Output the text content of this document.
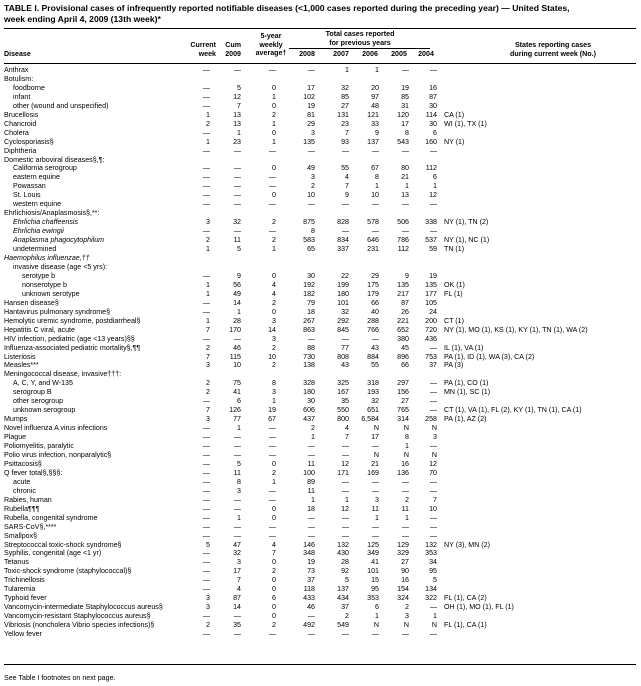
TABLE I. Provisional cases of infrequently reported notifiable diseases (<1,000 cases reported during the preceding year) — United States,
week ending April 4, 2009 (13th week)*
Total cases reported
for previous years
5-year
weekly
average†
Current
week
Cum
2009
Disease	2008	2007 2006 2005 2004
States reporting cases
during current week (No.)
Anthrax	—	—	—	—	1	1	—	—
Botulism:
foodborne	—	5	0	17	32	20	19	16
infant	—	12	1	102	85	97	85	87
other (wound and unspecified)	—	7	0	19	27	48	31	30
Brucellosis	1	13	2	81	131	121	120	114 CA (1)
Chancroid	2	13	1	29	23	33	17	30 WI (1), TX (1)
Cholera	—	1	0	3	7	9	8	6
Cyclosporiasis§	1	23	1	135	93	137	543	160 NY (1)
Diphtheria	—	—	—	—	—	—	—	—
Domestic arboviral diseases§,¶:
California serogroup	—	—	0	49	55	67	80	112
eastern equine	—	—	—	3	4	8	21	6
Powassan	—	—	—	2	7	1	1	1
St. Louis	—	—	0	10	9	10	13	12
western equine	—	—	—	—	—	—	—	—
Ehrlichiosis/Anaplasmosis§,**:
Ehrlichia chaffeensis	3	32	2	875	828	578	506	338 NY (1), TN (2)
Ehrlichia ewingii	—	—	—	8	—	—	—	—
Anaplasma phagocytophilum	2	11	2	583	834	646	786	537 NY (1), NC (1)
undetermined	1	5	1	65	337	231	112	59 TN (1)
Haemophilus influenzae,††
invasive disease (age <5 yrs):
serotype b	—	9	0	30	22	29	9	19
nonserotype b	1	56	4	192	199	175	135	135 OK (1)
unknown serotype	1	49	4	182	180	179	217	177 FL (1)
Hansen disease§	—	14	2	79	101	66	87	105
Hantavirus pulmonary syndrome§	—	1	0	18	32	40	26	24
Hemolytic uremic syndrome, postdiarrheal§	1	28	3	267	292	288	221	200 CT (1)
Hepatitis C viral, acute	7	170	14	863	845	766	652	720 NY (1), MO (1), KS (1), KY (1), TN (1), WA (2)
HIV infection, pediatric (age <13 years)§§	—	—	3	—	—	—	380	436
Influenza-associated pediatric mortality§,¶¶	2	46	2	88	77	43	45	— IL (1), VA (1)
Listeriosis	7	115	10	730	808	884	896	753 PA (1), ID (1), WA (3), CA (2)
Measles***	3	10	2	138	43	55	66	37 PA (3)
Meningococcal disease, invasive†††:
A, C, Y, and W-135	2	75	8	328	325	318	297	— PA (1), CO (1)
serogroup B	2	41	3	180	167	193	156	— MN (1), SC (1)
other serogroup	—	6	1	30	35	32	27	—
unknown serogroup	7	126	19	606	550	651	765	— CT (1), VA (1), FL (2), KY (1), TN (1), CA (1)
Mumps	3	77	67	437	800	6,584	314	258 PA (1), AZ (2)
Novel influenza A virus infections	—	1	—	2	4	N	N	N
Plague	—	—	—	1	7	17	8	3
Poliomyelitis, paralytic	—	—	—	—	—	—	1	—
Polio virus infection, nonparalytic§	—	—	—	—	—	N	N	N
Psittacosis§	—	5	0	11	12	21	16	12
Q fever total§,§§§:	—	11	2	100	171	169	136	70
acute	—	8	1	89	—	—	—	—
chronic	—	3	—	11	—	—	—	—
Rabies, human	—	—	—	1	1	3	2	7
Rubella¶¶¶	—	—	0	18	12	11	11	10
Rubella, congenital syndrome	—	1	0	—	—	1	1	—
SARS-CoV§,****	—	—	—	—	—	—	—	—
Smallpox§	—	—	—	—	—	—	—	—
Streptococcal toxic-shock syndrome§	5	47	4	146	132	125	129	132 NY (3), MN (2)
Syphilis, congenital (age <1 yr)	—	32	7	348	430	349	329	353
Tetanus	—	3	0	19	28	41	27	34
Toxic-shock syndrome (staphylococcal)§	—	17	2	73	92	101	90	95
Trichinellosis	—	7	0	37	5	15	16	5
Tularemia	—	4	0	118	137	95	154	134
Typhoid fever	3	87	6	433	434	353	324	322 FL (1), CA (2)
Vancomycin-intermediate Staphylococcus aureus§	3	14	0	46	37	6	2	— OH (1), MO (1), FL (1)
Vancomycin-resistant Staphylococcus aureus§	—	—	0	—	2	1	3	1
Vibriosis (noncholera Vibrio species infections)§	2	35	2	492	549	N	N	N FL (1), CA (1)
Yellow fever	—	—	—	—	—	—	—	—
See Table I footnotes on next page.
